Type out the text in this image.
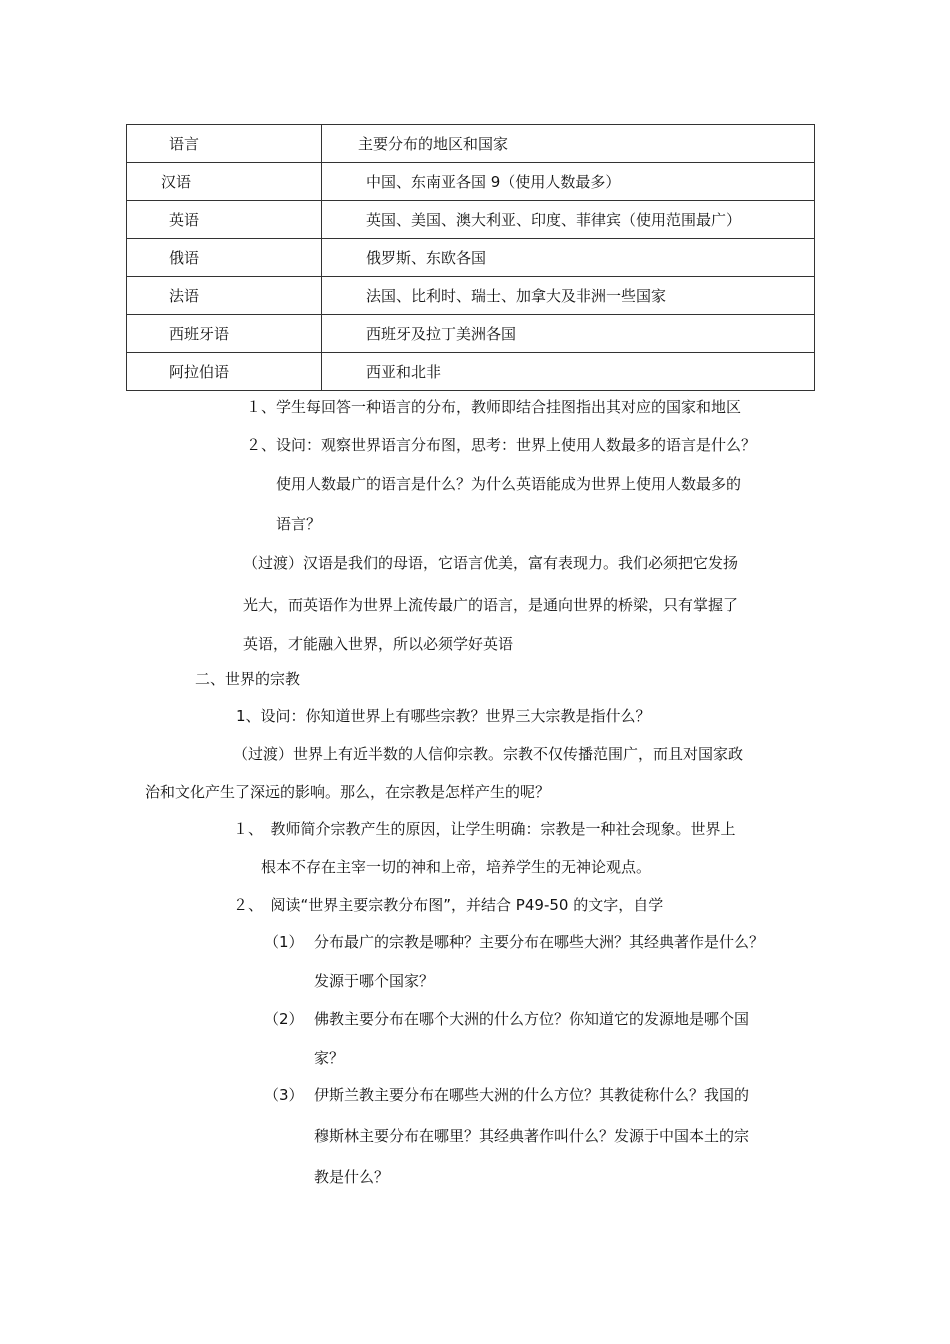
语言	主要分布的地区和国家
汉语	中国、东南亚各国 9（使用人数最多）
英语	英国、美国、澳大利亚、印度、菲律宾（使用范围最广）
俄语	俄罗斯、东欧各国
法语	法国、比利时、瑞士、加拿大及非洲一些国家
西班牙语	西班牙及拉丁美洲各国
阿拉伯语	西亚和北非
１、学生每回答一种语言的分布，教师即结合挂图指出其对应的国家和地区
２、设问：观察世界语言分布图，思考：世界上使用人数最多的语言是什么？
使用人数最广的语言是什么？为什么英语能成为世界上使用人数最多的
语言？
（过渡）汉语是我们的母语，它语言优美，富有表现力。我们必须把它发扬
光大，而英语作为世界上流传最广的语言，是通向世界的桥梁，只有掌握了
英语，才能融入世界，所以必须学好英语
二、世界的宗教
1、设问：你知道世界上有哪些宗教？世界三大宗教是指什么？
（过渡）世界上有近半数的人信仰宗教。宗教不仅传播范围广，而且对国家政
治和文化产生了深远的影响。那么，在宗教是怎样产生的呢？
１、　教师简介宗教产生的原因，让学生明确：宗教是一种社会现象。世界上
根本不存在主宰一切的神和上帝，培养学生的无神论观点。
２、　阅读“世界主要宗教分布图”，并结合 P49-50 的文字，自学
（1） 分布最广的宗教是哪种？主要分布在哪些大洲？其经典著作是什么？
发源于哪个国家？
（2） 佛教主要分布在哪个大洲的什么方位？你知道它的发源地是哪个国
家？
（3） 伊斯兰教主要分布在哪些大洲的什么方位？其教徒称什么？我国的
穆斯林主要分布在哪里？其经典著作叫什么？发源于中国本土的宗
教是什么？
